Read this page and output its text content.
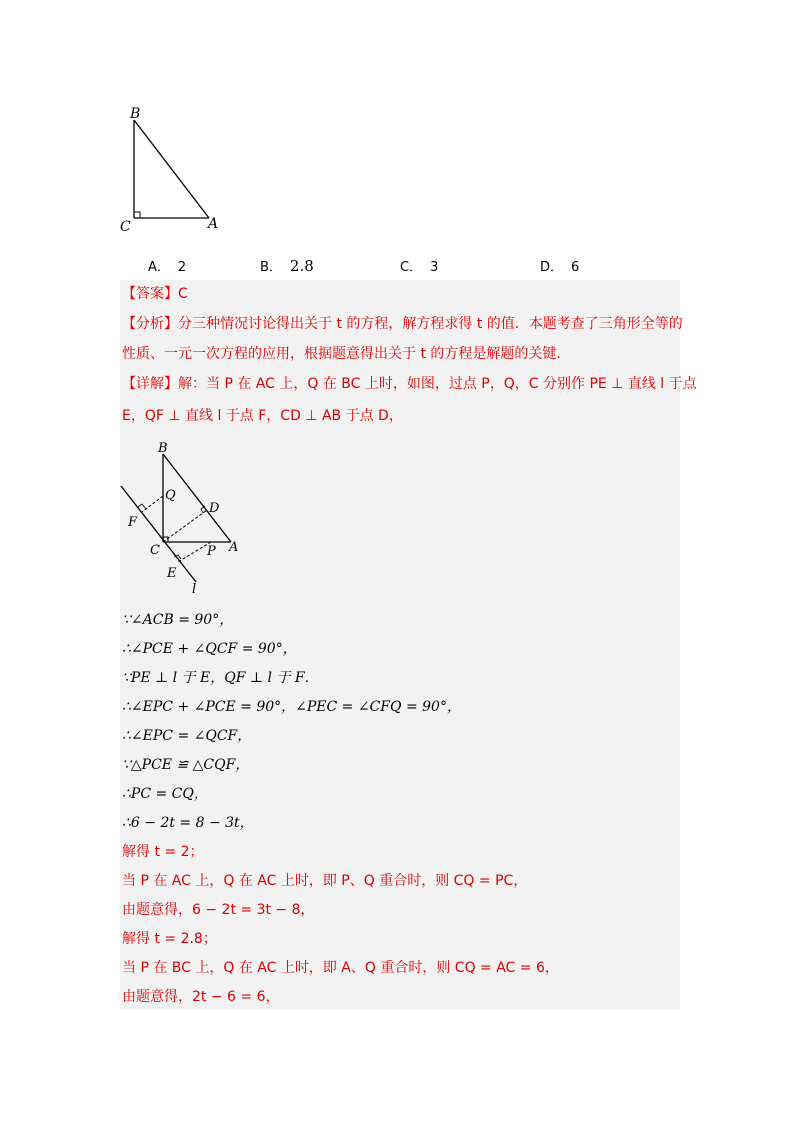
B
C	A
A． 2	B． 2.8	C． 3	D． 6
【答案】C
【分析】分三种情况讨论得出关于 t 的方程，解方程求得 t 的值．本题考查了三角形全等的
性质、一元一次方程的应用，根据题意得出关于 t 的方程是解题的关键．
【详解】解：当 P 在 AC 上，Q 在 BC 上时，如图，过点 P，Q，C 分别作 PE ⊥ 直线 l 于点
E，QF ⊥ 直线 l 于点 F，CD ⊥ AB 于点 D，
B
Q
D
F
C	P A
E
l
∵∠ACB = 90°，
∴∠PCE + ∠QCF = 90°，
∵PE ⊥ l 于 E，QF ⊥ l 于 F．
∴∠EPC + ∠PCE = 90°，∠PEC = ∠CFQ = 90°，
∴∠EPC = ∠QCF，
∵△PCE ≌ △CQF，
∴PC = CQ，
∴6 − 2t = 8 − 3t，
解得 t = 2；
当 P 在 AC 上，Q 在 AC 上时，即 P、Q 重合时，则 CQ = PC，
由题意得，6 − 2t = 3t − 8，
解得 t = 2.8；
当 P 在 BC 上，Q 在 AC 上时，即 A、Q 重合时，则 CQ = AC = 6，
由题意得，2t − 6 = 6，
